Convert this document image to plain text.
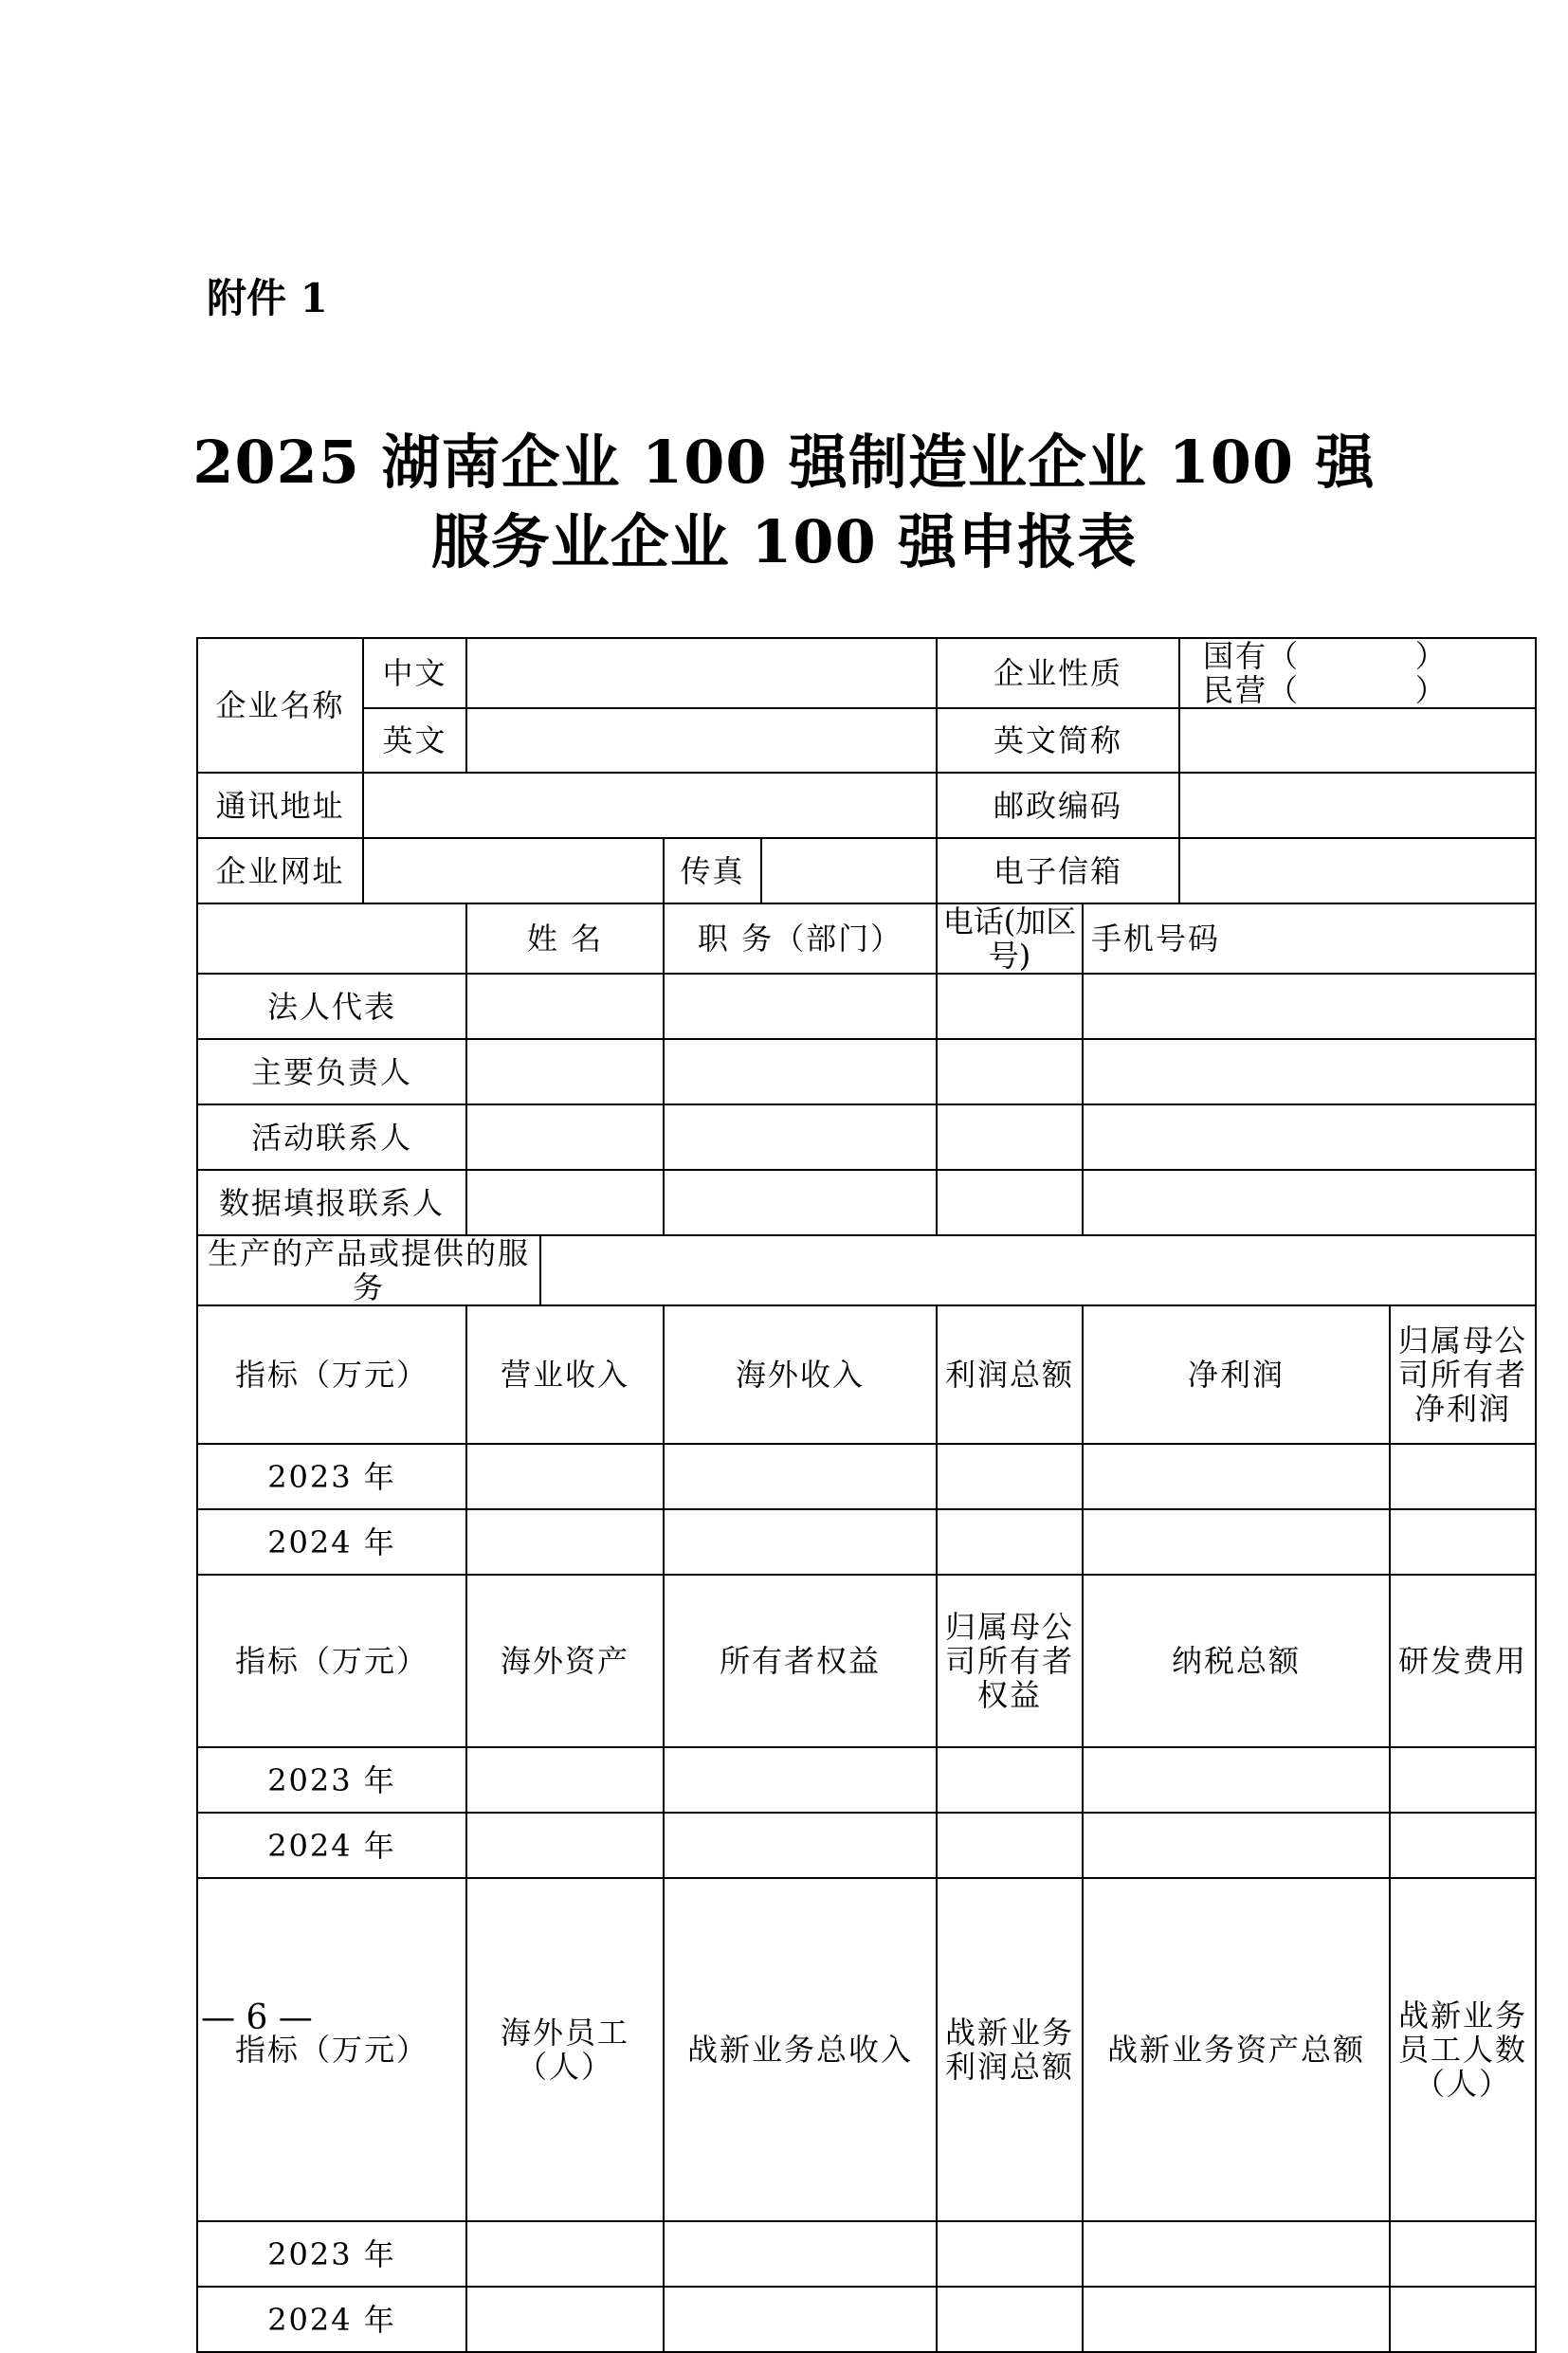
附件 1
2025 湖南企业 100 强制造业企业 100 强
服务业企业 100 强申报表
企业名称	中文					企业性质		国有（          ）
民营（          ）		

	英文					英文简称				
通讯地址						邮政编码				
企业网址				传真		电子信箱				
		姓 名		职 务（部门）		电话(加区号)	手机号码			
法人代表										
主要负责人										
活动联系人										
数据填报联系人										
生产的产品或提供的服务										
指标（万元）		营业收入		海外收入		利润总额	净利润		归属母公司所有者净利润	
2023 年										
2024 年										
指标（万元）		海外资产		所有者权益		归属母公司所有者权益	纳税总额		研发费用	
2023 年										
2024 年										
指标（万元）		海外员工（人）		战新业务总收入		战新业务利润总额	战新业务资产总额		战新业务员工人数（人）	
2023 年										
2024 年										
— 6 —
